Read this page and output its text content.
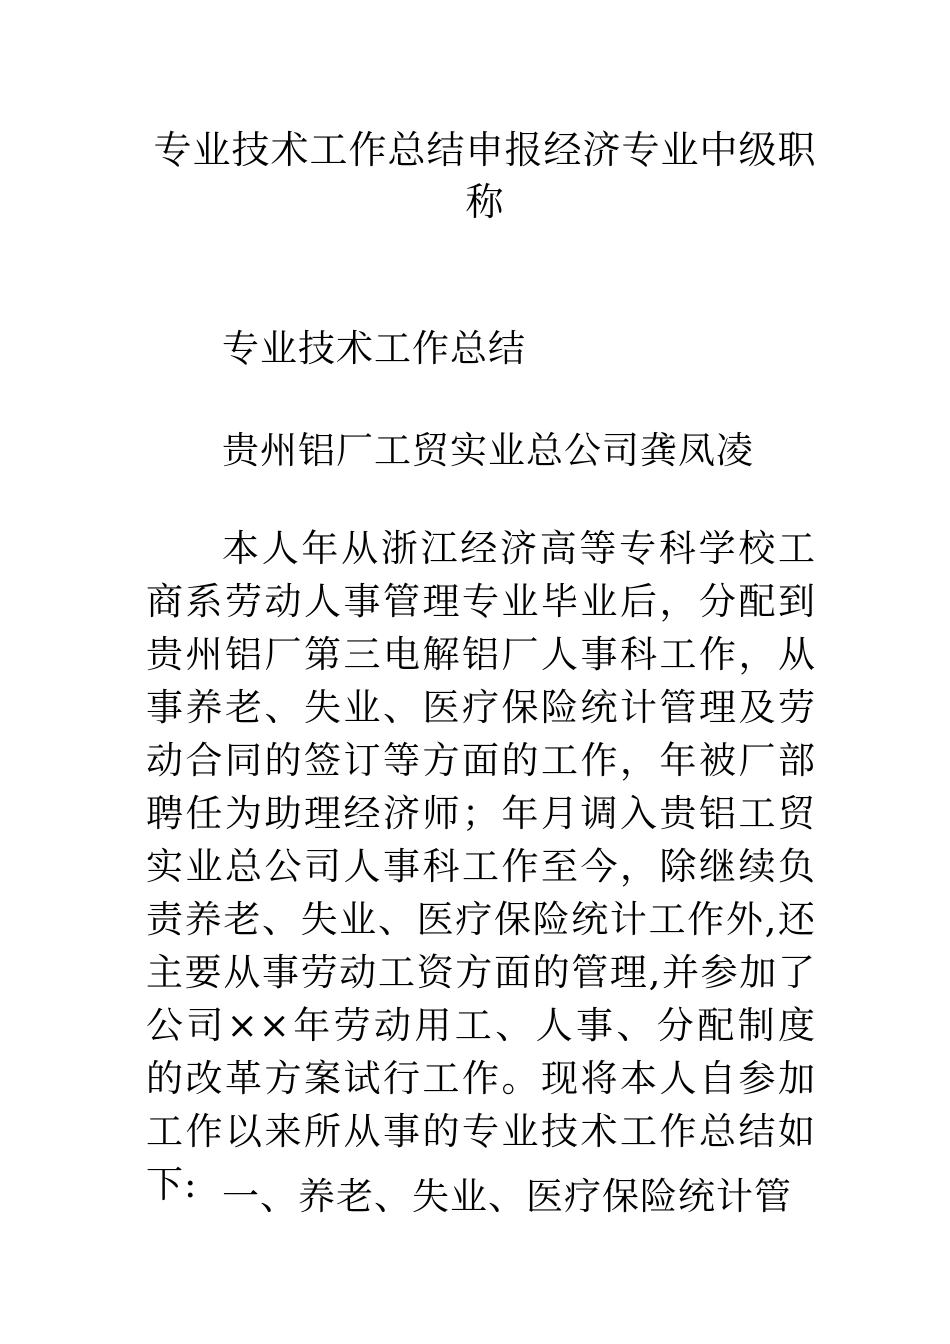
专业技术工作总结申报经济专业中级职称

专业技术工作总结

贵州铝厂工贸实业总公司龚凤凌

本人年从浙江经济高等专科学校工商系劳动人事管理专业毕业后，分配到贵州铝厂第三电解铝厂人事科工作，从事养老、失业、医疗保险统计管理及劳动合同的签订等方面的工作，年被厂部聘任为助理经济师；年月调入贵铝工贸实业总公司人事科工作至今，除继续负责养老、失业、医疗保险统计工作外,还主要从事劳动工资方面的管理,并参加了公司××年劳动用工、人事、分配制度的改革方案试行工作。现将本人自参加工作以来所从事的专业技术工作总结如下: 一、养老、失业、医疗保险统计管
